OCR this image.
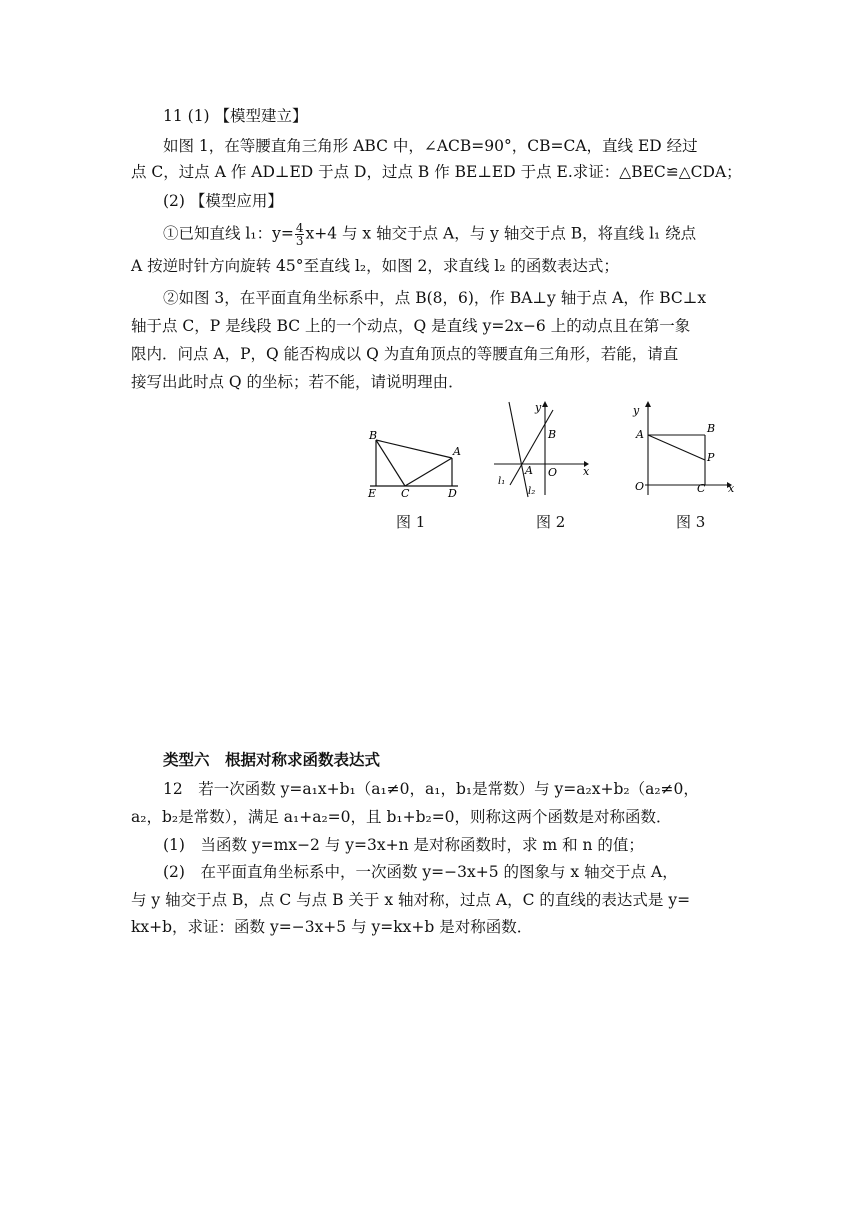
11 (1) 【模型建立】
如图 1，在等腰直角三角形 ABC 中，∠ACB=90°，CB=CA，直线 ED 经过
点 C，过点 A 作 AD⊥ED 于点 D，过点 B 作 BE⊥ED 于点 E.求证：△BEC≌△CDA；
(2) 【模型应用】
①已知直线 l₁：$y= \frac{4}{3} x+4$ 与 x 轴交于点 A，与 y 轴交于点 B，将直线 l₁ 绕点
A 按逆时针方向旋转 45°至直线 l₂，如图 2，求直线 l₂ 的函数表达式；
②如图 3，在平面直角坐标系中，点 B(8，6)，作 BA⊥y 轴于点 A，作 BC⊥x
轴于点 C，P 是线段 BC 上的一个动点，Q 是直线 y=2x−6 上的动点且在第一象
限内．问点 A，P，Q 能否构成以 Q 为直角顶点的等腰直角三角形，若能，请直
接写出此时点 Q 的坐标；若不能，请说明理由．
B
A
E C	D
图 1
y
x
B
A O
l₁
l₂
图 2
y
x
A	B
P
O	C
图 3
类型六　根据对称求函数表达式
12　若一次函数 y=a₁x+b₁（a₁≠0，a₁，b₁是常数）与 y=a₂x+b₂（a₂≠0，
a₂，b₂是常数），满足 a₁+a₂=0，且 b₁+b₂=0，则称这两个函数是对称函数．
(1)　当函数 y=mx−2 与 y=3x+n 是对称函数时，求 m 和 n 的值；
(2)　在平面直角坐标系中，一次函数 y=−3x+5 的图象与 x 轴交于点 A，
与 y 轴交于点 B，点 C 与点 B 关于 x 轴对称，过点 A，C 的直线的表达式是 y=
kx+b，求证：函数 y=−3x+5 与 y=kx+b 是对称函数．
